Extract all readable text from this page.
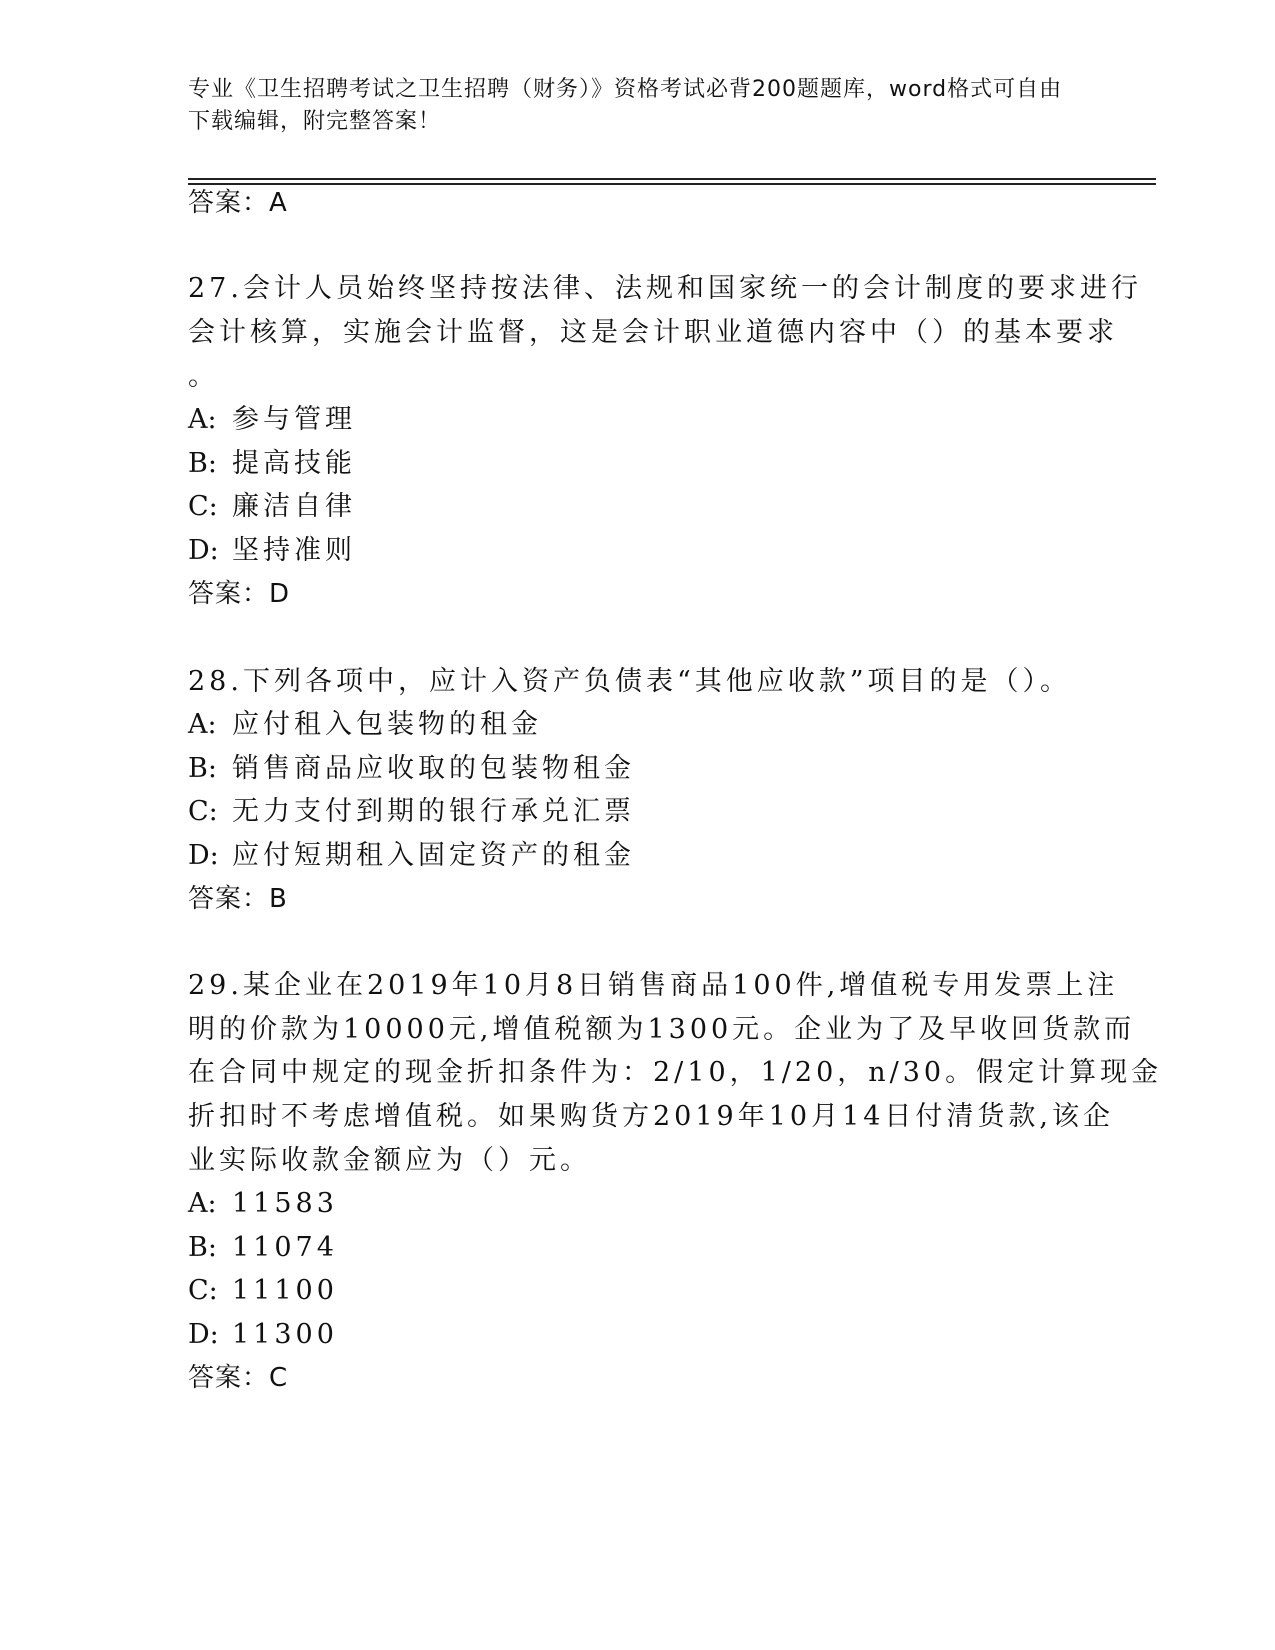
专业《卫生招聘考试之卫生招聘（财务）》资格考试必背200题题库，word格式可自由下载编辑，附完整答案！
答案：A
27.会计人员始终坚持按法律、法规和国家统一的会计制度的要求进行
会计核算，实施会计监督，这是会计职业道德内容中（）的基本要求
。
A: 参与管理
B: 提高技能
C: 廉洁自律
D: 坚持准则
答案：D
28.下列各项中，应计入资产负债表“其他应收款”项目的是（）。
A: 应付租入包装物的租金
B: 销售商品应收取的包装物租金
C: 无力支付到期的银行承兑汇票
D: 应付短期租入固定资产的租金
答案：B
29.某企业在2019年10月8日销售商品100件,增值税专用发票上注
明的价款为10000元,增值税额为1300元。企业为了及早收回货款而
在合同中规定的现金折扣条件为：2/10，1/20，n/30。假定计算现金
折扣时不考虑增值税。如果购货方2019年10月14日付清货款,该企
业实际收款金额应为（）元。
A: 11583
B: 11074
C: 11100
D: 11300
答案：C
